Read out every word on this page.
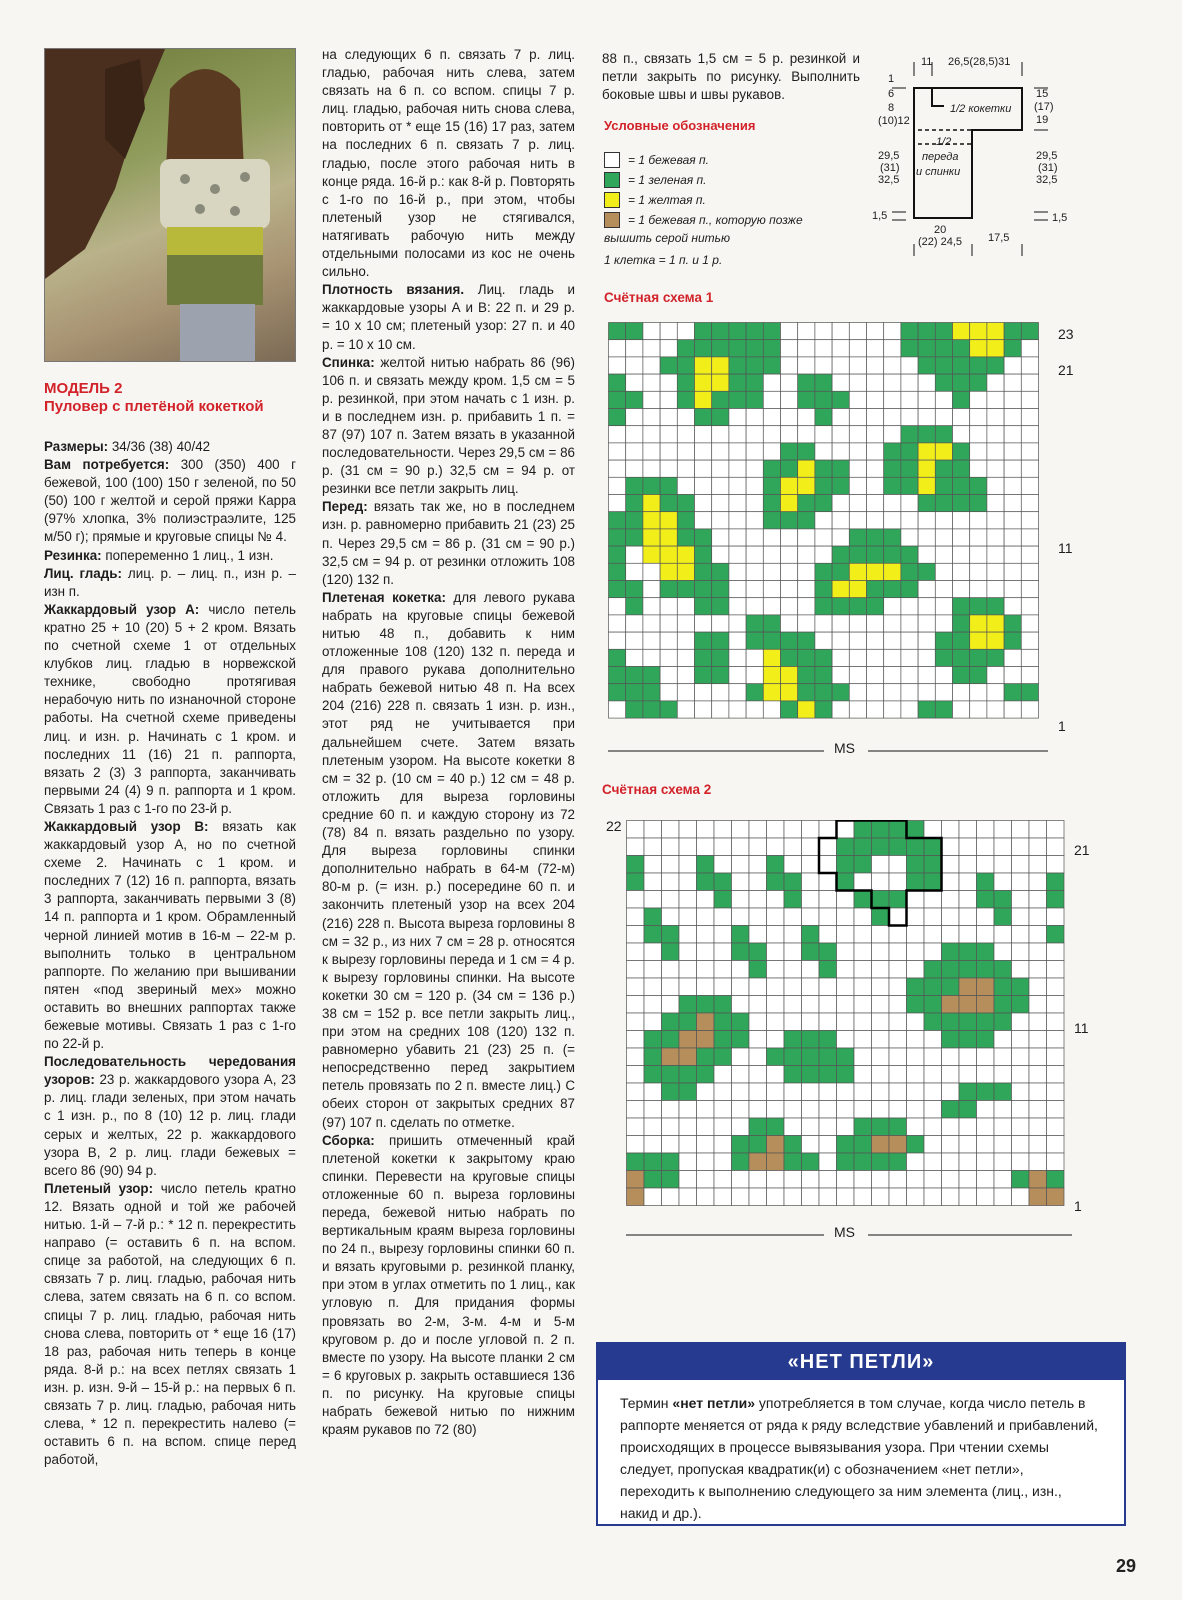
МОДЕЛЬ 2
Пуловер с плетёной кокеткой

Размеры: 34/36 (38) 40/42

Вам потребуется: 300 (350) 400 г бежевой, 100 (100) 150 г зеленой, по 50 (50) 100 г желтой и серой пряжи Карра (97% хлопка, 3% полиэстраэлите, 125 м/50 г); прямые и круговые спицы № 4.

Резинка: попеременно 1 лиц., 1 изн.

Лиц. гладь: лиц. р. – лиц. п., изн р. – изн п.

Жаккардовый узор А: число петель кратно 25 + 10 (20) 5 + 2 кром. Вязать по счетной схеме 1 от отдельных клубков лиц. гладью в норвежской технике, свободно протягивая нерабочую нить по изнаночной стороне работы. На счетной схеме приведены лиц. и изн. р. Начинать с 1 кром. и последних 11 (16) 21 п. раппорта, вязать 2 (3) 3 раппорта, заканчивать первыми 24 (4) 9 п. раппорта и 1 кром. Связать 1 раз с 1-го по 23-й р.

Жаккардовый узор В: вязать как жаккардовый узор А, но по счетной схеме 2. Начинать с 1 кром. и последних 7 (12) 16 п. раппорта, вязать 3 раппорта, заканчивать первыми 3 (8) 14 п. раппорта и 1 кром. Обрамленный черной линией мотив в 16-м – 22-м р. выполнить только в центральном раппорте. По желанию при вышивании пятен «под звериный мех» можно оставить во внешних раппортах также бежевые мотивы. Связать 1 раз с 1-го по 22-й р.

Последовательность чередования узоров: 23 р. жаккардового узора А, 23 р. лиц. глади зеленых, при этом начать с 1 изн. р., по 8 (10) 12 р. лиц. глади серых и желтых, 22 р. жаккардового узора В, 2 р. лиц. глади бежевых = всего 86 (90) 94 р.

Плетеный узор: число петель кратно 12. Вязать одной и той же рабочей нитью. 1-й – 7-й р.: * 12 п. перекрестить направо (= оставить 6 п. на вспом. спице за работой, на следующих 6 п. связать 7 р. лиц. гладью, рабочая нить слева, затем связать на 6 п. со вспом. спицы 7 р. лиц. гладью, рабочая нить снова слева, повторить от * еще 16 (17) 18 раз, рабочая нить теперь в конце ряда. 8-й р.: на всех петлях связать 1 изн. р. изн. 9-й – 15-й р.: на первых 6 п. связать 7 р. лиц. гладью, рабочая нить слева, * 12 п. перекрестить налево (= оставить 6 п. на вспом. спице перед работой,

на следующих 6 п. связать 7 р. лиц. гладью, рабочая нить слева, затем связать на 6 п. со вспом. спицы 7 р. лиц. гладью, рабочая нить снова слева, повторить от * еще 15 (16) 17 раз, затем на последних 6 п. связать 7 р. лиц. гладью, после этого рабочая нить в конце ряда. 16-й р.: как 8-й р. Повторять с 1-го по 16-й р., при этом, чтобы плетеный узор не стягивался, натягивать рабочую нить между отдельными полосами из кос не очень сильно.

Плотность вязания. Лиц. гладь и жаккардовые узоры А и В: 22 п. и 29 р. = 10 х 10 см; плетеный узор: 27 п. и 40 р. = 10 х 10 см.

Спинка: желтой нитью набрать 86 (96) 106 п. и связать между кром. 1,5 см = 5 р. резинкой, при этом начать с 1 изн. р. и в последнем изн. р. прибавить 1 п. = 87 (97) 107 п. Затем вязать в указанной последовательности. Через 29,5 см = 86 р. (31 см = 90 р.) 32,5 см = 94 р. от резинки все петли закрыть лиц.

Перед: вязать так же, но в последнем изн. р. равномерно прибавить 21 (23) 25 п. Через 29,5 см = 86 р. (31 см = 90 р.) 32,5 см = 94 р. от резинки отложить 108 (120) 132 п.

Плетеная кокетка: для левого рукава набрать на круговые спицы бежевой нитью 48 п., добавить к ним отложенные 108 (120) 132 п. переда и для правого рукава дополнительно набрать бежевой нитью 48 п. На всех 204 (216) 228 п. связать 1 изн. р. изн., этот ряд не учитывается при дальнейшем счете. Затем вязать плетеным узором. На высоте кокетки 8 см = 32 р. (10 см = 40 р.) 12 см = 48 р. отложить для выреза горловины средние 60 п. и каждую сторону из 72 (78) 84 п. вязать раздельно по узору. Для выреза горловины спинки дополнительно набрать в 64-м (72-м) 80-м р. (= изн. р.) посередине 60 п. и закончить плетеный узор на всех 204 (216) 228 п. Высота выреза горловины 8 см = 32 р., из них 7 см = 28 р. относятся к вырезу горловины переда и 1 см = 4 р. к вырезу горловины спинки. На высоте кокетки 30 см = 120 р. (34 см = 136 р.) 38 см = 152 р. все петли закрыть лиц., при этом на средних 108 (120) 132 п. равномерно убавить 21 (23) 25 п. (= непосредственно перед закрытием петель провязать по 2 п. вместе лиц.) С обеих сторон от закрытых средних 87 (97) 107 п. сделать по отметке.

Сборка: пришить отмеченный край плетеной кокетки к закрытому краю спинки. Перевести на круговые спицы отложенные 60 п. выреза горловины переда, бежевой нитью набрать по вертикальным краям выреза горловины по 24 п., вырезу горловины спинки 60 п. и вязать круговыми р. резинкой планку, при этом в углах отметить по 1 лиц., как угловую п. Для придания формы провязать во 2-м, 3-м. 4-м и 5-м круговом р. до и после угловой п. 2 п. вместе по узору. На высоте планки 2 см = 6 круговых р. закрыть оставшиеся 136 п. по рисунку. На круговые спицы набрать бежевой нитью по нижним краям рукавов по 72 (80)

88 п., связать 1,5 см = 5 р. резинкой и петли закрыть по рисунку. Выполнить боковые швы и швы рукавов.

11 26,5(28,5)31
1
6
8
(10)12
15
(17)
19
1/2 кокетки
1/2
переда
и спинки
29,5
(31)
32,5
29,5
(31)
32,5
1,5	1,5
20
(22) 24,5 17,5
Условные обозначения
= 1 бежевая п.
= 1 зеленая п.
= 1 желтая п.
= 1 бежевая п., которую позже
вышить серой нитью
1 клетка = 1 п. и 1 р.
Счётная схема 1
23
21
11
1
MS
Счётная схема 2
22
21
11
1
MS
«НЕТ ПЕТЛИ»
Термин «нет петли» употребляется в том случае, когда число петель в раппорте меняется от ряда к ряду вследствие убавлений и прибавлений, происходящих в процессе вывязывания узора. При чтении схемы следует, пропуская квадратик(и) с обозначением «нет петли», переходить к выполнению следующего за ним элемента (лиц., изн., накид и др.).
29
